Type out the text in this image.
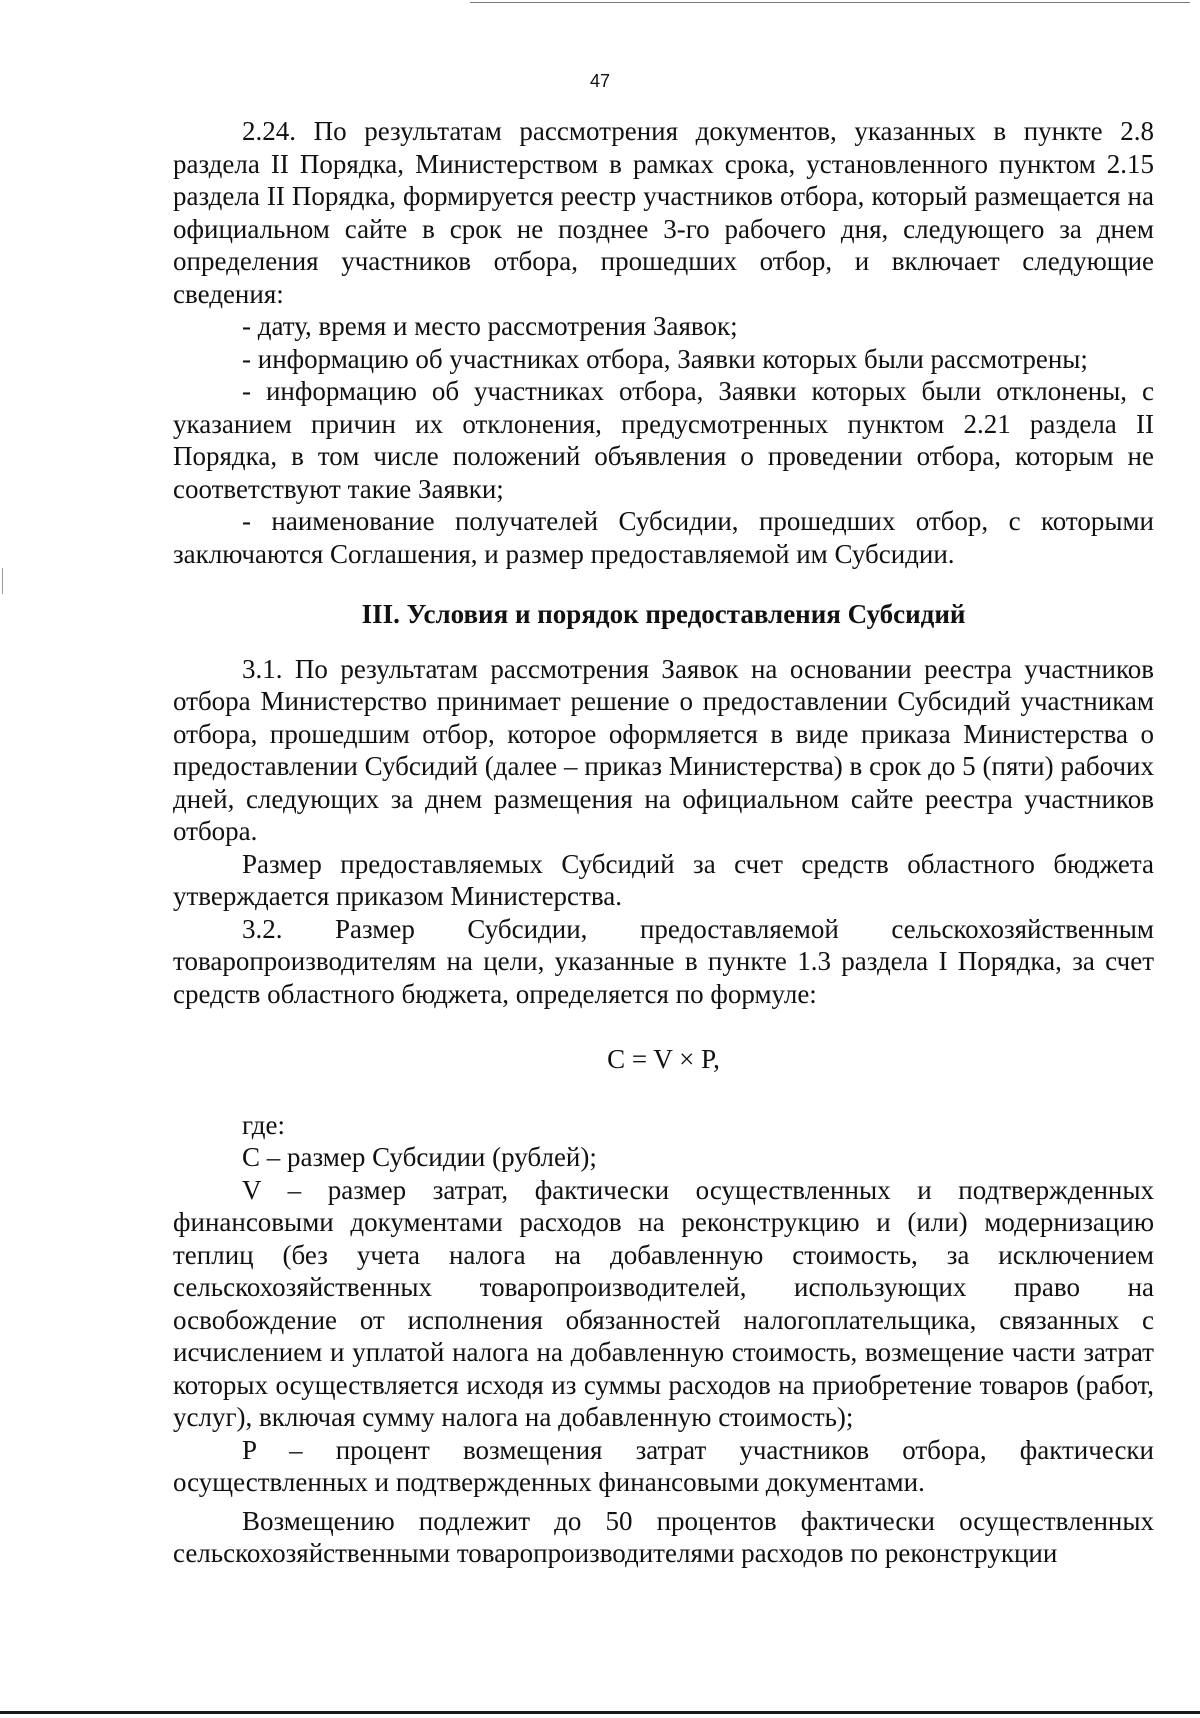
47

2.24. По результатам рассмотрения документов, указанных в пункте 2.8 раздела II Порядка, Министерством в рамках срока, установленного пунктом 2.15 раздела II Порядка, формируется реестр участников отбора, который размещается на официальном сайте в срок не позднее 3-го рабочего дня, следующего за днем определения участников отбора, прошедших отбор, и включает следующие сведения:

- дату, время и место рассмотрения Заявок;

- информацию об участниках отбора, Заявки которых были рассмотрены;

- информацию об участниках отбора, Заявки которых были отклонены, с указанием причин их отклонения, предусмотренных пунктом 2.21 раздела II Порядка, в том числе положений объявления о проведении отбора, которым не соответствуют такие Заявки;

- наименование получателей Субсидии, прошедших отбор, с которыми заключаются Соглашения, и размер предоставляемой им Субсидии.

III. Условия и порядок предоставления Субсидий

3.1. По результатам рассмотрения Заявок на основании реестра участников отбора Министерство принимает решение о предоставлении Субсидий участникам отбора, прошедшим отбор, которое оформляется в виде приказа Министерства о предоставлении Субсидий (далее – приказ Министерства) в срок до 5 (пяти) рабочих дней, следующих за днем размещения на официальном сайте реестра участников отбора.

Размер предоставляемых Субсидий за счет средств областного бюджета утверждается приказом Министерства.

3.2. Размер Субсидии, предоставляемой сельскохозяйственным товаропроизводителям на цели, указанные в пункте 1.3 раздела I Порядка, за счет средств областного бюджета, определяется по формуле:

C = V × P,

где:

C – размер Субсидии (рублей);

V – размер затрат, фактически осуществленных и подтвержденных финансовыми документами расходов на реконструкцию и (или) модернизацию теплиц (без учета налога на добавленную стоимость, за исключением сельскохозяйственных товаропроизводителей, использующих право на освобождение от исполнения обязанностей налогоплательщика, связанных с исчислением и уплатой налога на добавленную стоимость, возмещение части затрат которых осуществляется исходя из суммы расходов на приобретение товаров (работ, услуг), включая сумму налога на добавленную стоимость);

P – процент возмещения затрат участников отбора, фактически осуществленных и подтвержденных финансовыми документами.

Возмещению подлежит до 50 процентов фактически осуществленных сельскохозяйственными товаропроизводителями расходов по реконструкции
